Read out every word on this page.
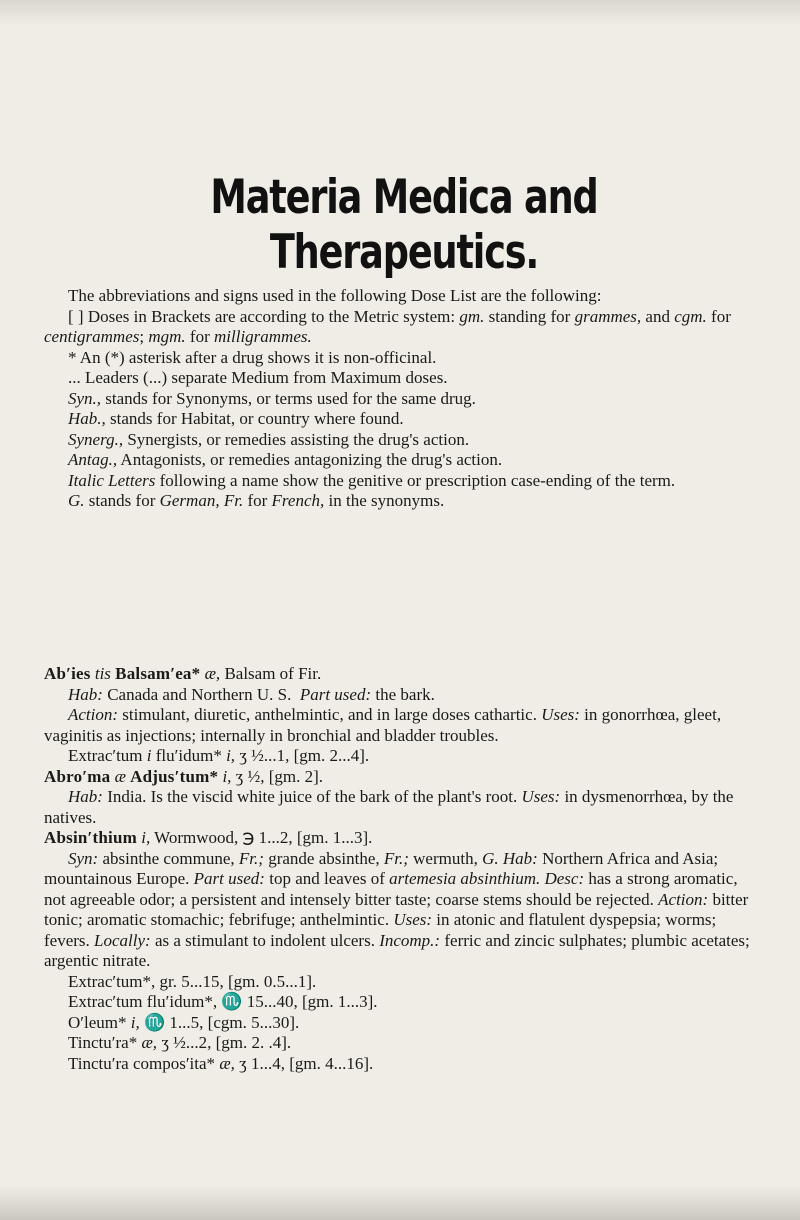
Materia Medica and Therapeutics.

The abbreviations and signs used in the following Dose List are the following:

[ ] Doses in Brackets are according to the Metric system: gm. standing for grammes, and cgm. for centigrammes; mgm. for milligrammes.

* An (*) asterisk after a drug shows it is non-officinal.

... Leaders (...) separate Medium from Maximum doses.

Syn., stands for Synonyms, or terms used for the same drug.

Hab., stands for Habitat, or country where found.

Synerg., Synergists, or remedies assisting the drug's action.

Antag., Antagonists, or remedies antagonizing the drug's action.

Italic Letters following a name show the genitive or prescription case-ending of the term.

G. stands for German, Fr. for French, in the synonyms.

Ab′ies tis Balsam′ea* æ, Balsam of Fir.

Hab: Canada and Northern U. S. Part used: the bark.

Action: stimulant, diuretic, anthelmintic, and in large doses cathartic. Uses: in gonorrhœa, gleet, vaginitis as injections; internally in bronchial and bladder troubles.

Extrac′tum i flu′idum* i, ʒ ½...1, [gm. 2...4].

Abro′ma æ Adjus′tum* i, ʒ ½, [gm. 2].

Hab: India. Is the viscid white juice of the bark of the plant's root. Uses: in dysmenorrhœa, by the natives.

Absin′thium i, Wormwood, ℈ 1...2, [gm. 1...3].

Syn: absinthe commune, Fr.; grande absinthe, Fr.; wermuth, G. Hab: Northern Africa and Asia; mountainous Europe. Part used: top and leaves of artemesia absinthium. Desc: has a strong aromatic, not agreeable odor; a persistent and intensely bitter taste; coarse stems should be rejected. Action: bitter tonic; aromatic stomachic; febrifuge; anthelmintic. Uses: in atonic and flatulent dyspepsia; worms; fevers. Locally: as a stimulant to indolent ulcers. Incomp.: ferric and zincic sulphates; plumbic acetates; argentic nitrate.

Extrac′tum*, gr. 5...15, [gm. 0.5...1].

Extrac′tum flu′idum*, ♏ 15...40, [gm. 1...3].

O′leum* i, ♏ 1...5, [cgm. 5...30].

Tinctu′ra* æ, ʒ ½...2, [gm. 2. .4].

Tinctu′ra compos′ita* æ, ʒ 1...4, [gm. 4...16].
